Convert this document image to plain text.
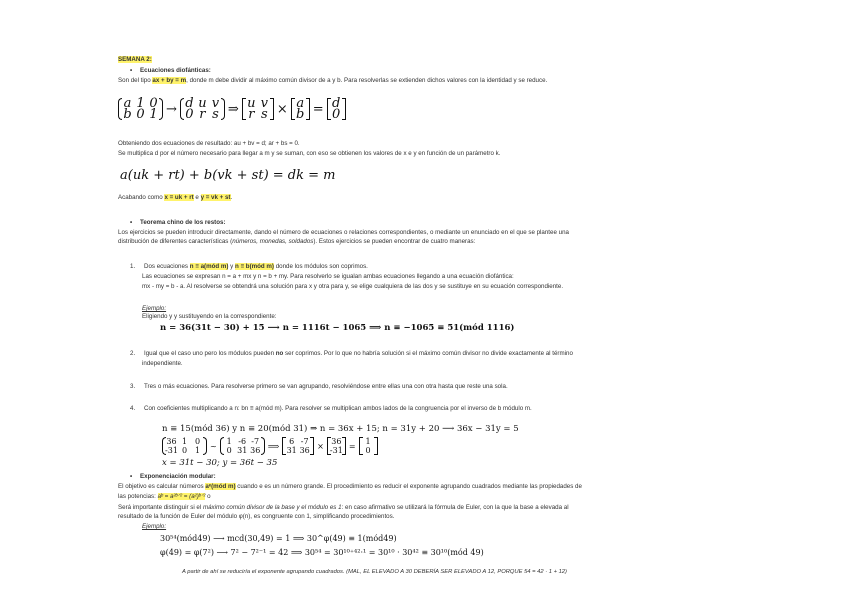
SEMANA 2:
• Ecuaciones diofánticas:
Son del tipo ax + by = m, donde m debe dividir al máximo común divisor de a y b. Para resolverlas se extienden dichos valores con la identidad y se reduce.
a 1 0
b 0 1 → d u v
0 r s ⇒ u v
r s × a
b = d
0
Obteniendo dos ecuaciones de resultado: au + bv = d; ar + bs = 0.
Se multiplica d por el número necesario para llegar a m y se suman, con eso se obtienen los valores de x e y en función de un parámetro k.
a(uk + rt) + b(vk + st) = dk = m
Acabando como x = uk + rt e y = vk + st.
• Teorema chino de los restos:
Los ejercicios se pueden introducir directamente, dando el número de ecuaciones o relaciones correspondientes, o mediante un enunciado en el que se plantee una
distribución de diferentes características (números, monedas, soldados). Estos ejercicios se pueden encontrar de cuatro maneras:
1. Dos ecuaciones n ≡ a(mód m) y n ≡ b(mód m) donde los módulos son coprimos.
Las ecuaciones se expresan n = a + mx y n = b + my. Para resolverlo se igualan ambas ecuaciones llegando a una ecuación diofántica:
mx - my = b - a. Al resolverse se obtendrá una solución para x y otra para y, se elige cualquiera de las dos y se sustituye en su ecuación correspondiente.
Ejemplo:
Eligiendo y y sustituyendo en la correspondiente:
n = 36(31t − 30) + 15 ⟶ n = 1116t − 1065 ⟹ n ≡ −1065 ≡ 51(mód 1116)
2. Igual que el caso uno pero los módulos pueden no ser coprimos. Por lo que no habría solución si el máximo común divisor no divide exactamente al término
independiente.
3. Tres o más ecuaciones. Para resolverse primero se van agrupando, resolviéndose entre ellas una con otra hasta que reste una sola.
4. Con coeficientes multiplicando a n: bn ≡ a(mód m). Para resolver se multiplican ambos lados de la congruencia por el inverso de b módulo m.
n ≡ 15(mód 36) y n ≡ 20(mód 31) ⇒ n = 36x + 15; n = 31y + 20 ⟶ 36x − 31y = 5
36 1 0
-31 0 1	~	1 -6 -7
0 31 36 ⟹	6 -7
31 36 × 36
-31 =	1
0
x = 31t − 30; y = 36t − 35
• Exponenciación modular:
El objetivo es calcular números aᵉ(mód m) cuando e es un número grande. El procedimiento es reducir el exponente agrupando cuadrados mediante las propiedades de
las potencias: aᵇ = a²ᵇᐟ² = (a²)ᵇᐟ² o
Será importante distinguir si el máximo común divisor de la base y el módulo es 1: en caso afirmativo se utilizará la fórmula de Euler, con la que la base a elevada al
resultado de la función de Euler del módulo φ(n), es congruente con 1, simplificando procedimientos.
Ejemplo:
30⁵⁴(mód49) ⟶ mcd(30,49) = 1 ⟹ 30^φ(49) ≡ 1(mód49)
φ(49) = φ(7²) ⟶ 7² − 7²⁻¹ = 42 ⟹ 30⁵⁴ = 30¹⁰⁺⁴²·¹ = 30¹⁰ · 30⁴² ≡ 30¹⁰(mód 49)
A partir de ahí se reduciría el exponente agrupando cuadrados. (MAL, EL ELEVADO A 30 DEBERÍA SER ELEVADO A 12, PORQUE 54 = 42 · 1 + 12)
